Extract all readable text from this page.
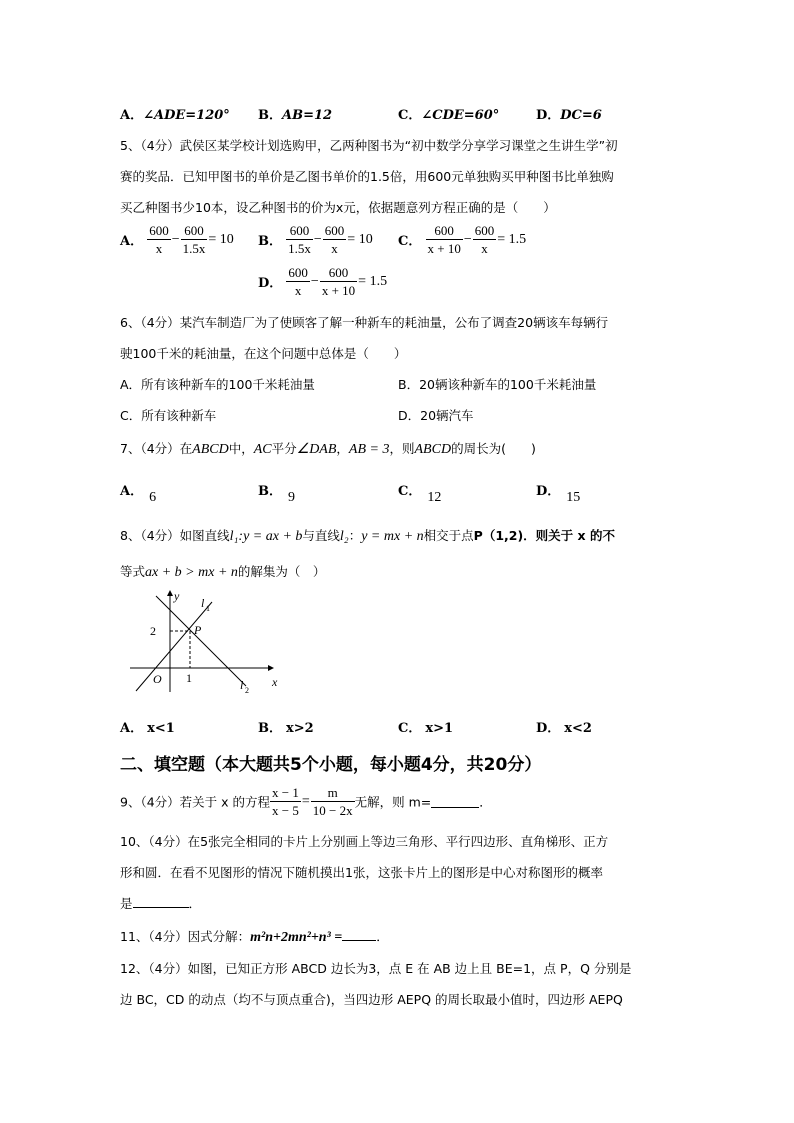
A．∠ADE=120° B．AB=12	C．∠CDE=60°	D．DC=6
5、（4分）武侯区某学校计划选购甲，乙两种图书为“初中数学分享学习课堂之生讲生学”初
赛的奖品．已知甲图书的单价是乙图书单价的1.5倍，用600元单独购买甲种图书比单独购
买乙种图书少10本，设乙种图书的价为x元，依据题意列方程正确的是（　　）
A． $\frac{600}{x} - \frac{600}{1.5x} = 10$ B． $\frac{600}{1.5x} - \frac{600}{x} = 10$ C． $\frac{600}{x + 10} - \frac{600}{x} = 1.5$
D． $\frac{600}{x} - \frac{600}{x + 10} = 1.5$
6、（4分）某汽车制造厂为了使顾客了解一种新车的耗油量，公布了调查20辆该车每辆行
驶100千米的耗油量，在这个问题中总体是（　　）
A．所有该种新车的100千米耗油量	B．20辆该种新车的100千米耗油量
C．所有该种新车	D．20辆汽车
7、（4分）在ABCD中，AC平分∠DAB，AB = 3，则ABCD的周长为(　　)
A． 6	B． 9	C． 12	D． 15
8、（4分）如图直线l₁:y = ax + b与直线l₂：y = mx + n相交于点P（1,2)．则关于 x 的不
等式ax + b > mx + n的解集为（　）
y
x
O
2
1
P
l 1
l 2
A． x<1	B． x>2	C． x>1	D． x<2
二、填空题（本大题共5个小题，每小题4分，共20分）
9、（4分）若关于 x 的方程 $\frac{x - 1}{x - 5} = \frac{m}{10 - 2x}$ 无解，则 m=	．
10、（4分）在5张完全相同的卡片上分别画上等边三角形、平行四边形、直角梯形、正方
形和圆．在看不见图形的情况下随机摸出1张，这张卡片上的图形是中心对称图形的概率
是	．
11、（4分）因式分解：m²n+2mn²+n³ =	．
12、（4分）如图，已知正方形 ABCD 边长为3，点 E 在 AB 边上且 BE=1，点 P，Q 分别是
边 BC，CD 的动点（均不与顶点重合)，当四边形 AEPQ 的周长取最小值时，四边形 AEPQ
